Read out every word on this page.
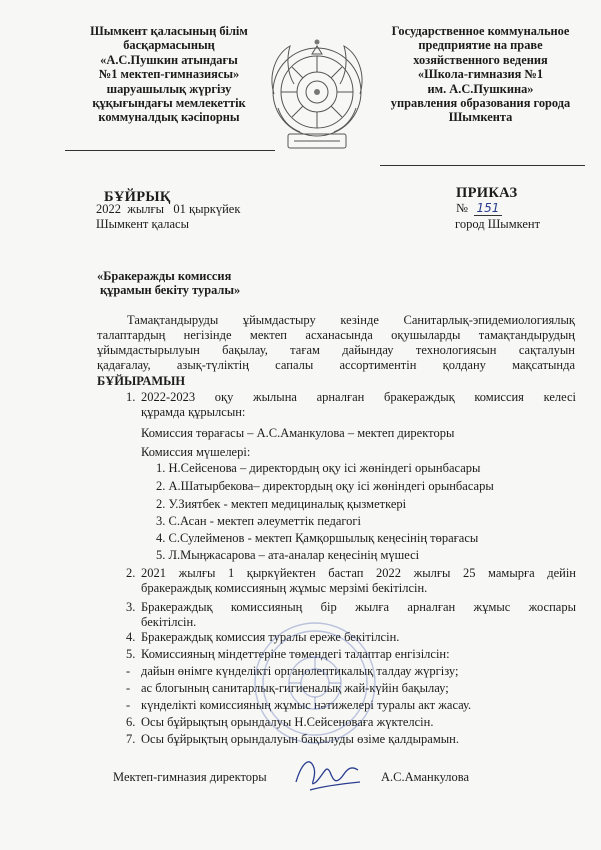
Шымкент қаласының білім
басқармасының
«А.С.Пушкин атындағы
№1 мектеп-гимназиясы»
шаруашылық жүргізу
құқығындағы мемлекеттік
коммуналдық кәсіпорны
Государственное коммунальное
предприятие на праве
хозяйственного ведения
«Школа-гимназия №1
им. А.С.Пушкина»
управления образования города
Шымкента
БҰЙРЫҚ
2022  жылғы   01 қыркүйек
Шымкент қаласы
ПРИКАЗ
№ 151
город Шымкент
«Бракеражды комиссия
құрамын бекіту туралы»
Тамақтандыруды ұйымдастыру кезінде Санитарлық-эпидемиологиялық
талаптардың негізінде мектеп асханасында оқушыларды тамақтандырудың
ұйымдастырылуын бақылау, тағам дайындау технологиясын сақталуын
қадағалау, азық-түліктің сапалы ассортиментін қолдану мақсатында
БҰЙЫРАМЫН
1. 2022-2023 оқу жылына арналған бракераждық комиссия келесі
құрамда құрылсын:
Комиссия төрағасы – А.С.Аманкулова – мектеп директоры
Комиссия мүшелері:
1. Н.Сейсенова – директордың оқу ісі жөніндегі орынбасары
2. А.Шатырбекова– директордың оқу ісі жөніндегі орынбасары
2. У.Зиятбек - мектеп медициналық қызметкері
3. С.Асан - мектеп әлеуметтік педагогі
4. С.Сулейменов - мектеп Қамқоршылық кеңесінің төрағасы
5. Л.Мыңжасарова – ата-аналар кеңесінің мүшесі
2. 2021 жылғы 1 қыркүйектен бастап 2022 жылғы 25 мамырға дейін
бракераждық комиссияның жұмыс мерзімі бекітілсін.
3. Бракераждық комиссияның бір жылға арналған жұмыс жоспары
бекітілсін.
4. Бракераждық комиссия туралы ереже бекітілсін.
5. Комиссияның міндеттеріне төмендегі талаптар енгізілсін:
- дайын өнімге күнделікті органолептикалық талдау жүргізу;
- ас блогының санитарлық-гигиеналық жай-күйін бақылау;
- күнделікті комиссияның жұмыс нәтижелері туралы акт жасау.
6. Осы бұйрықтың орындалуы Н.Сейсеноваға жүктелсін.
7. Осы бұйрықтың орындалуын бақылуды өзіме қалдырамын.
Мектеп-гимназия директоры	А.С.Аманкулова
